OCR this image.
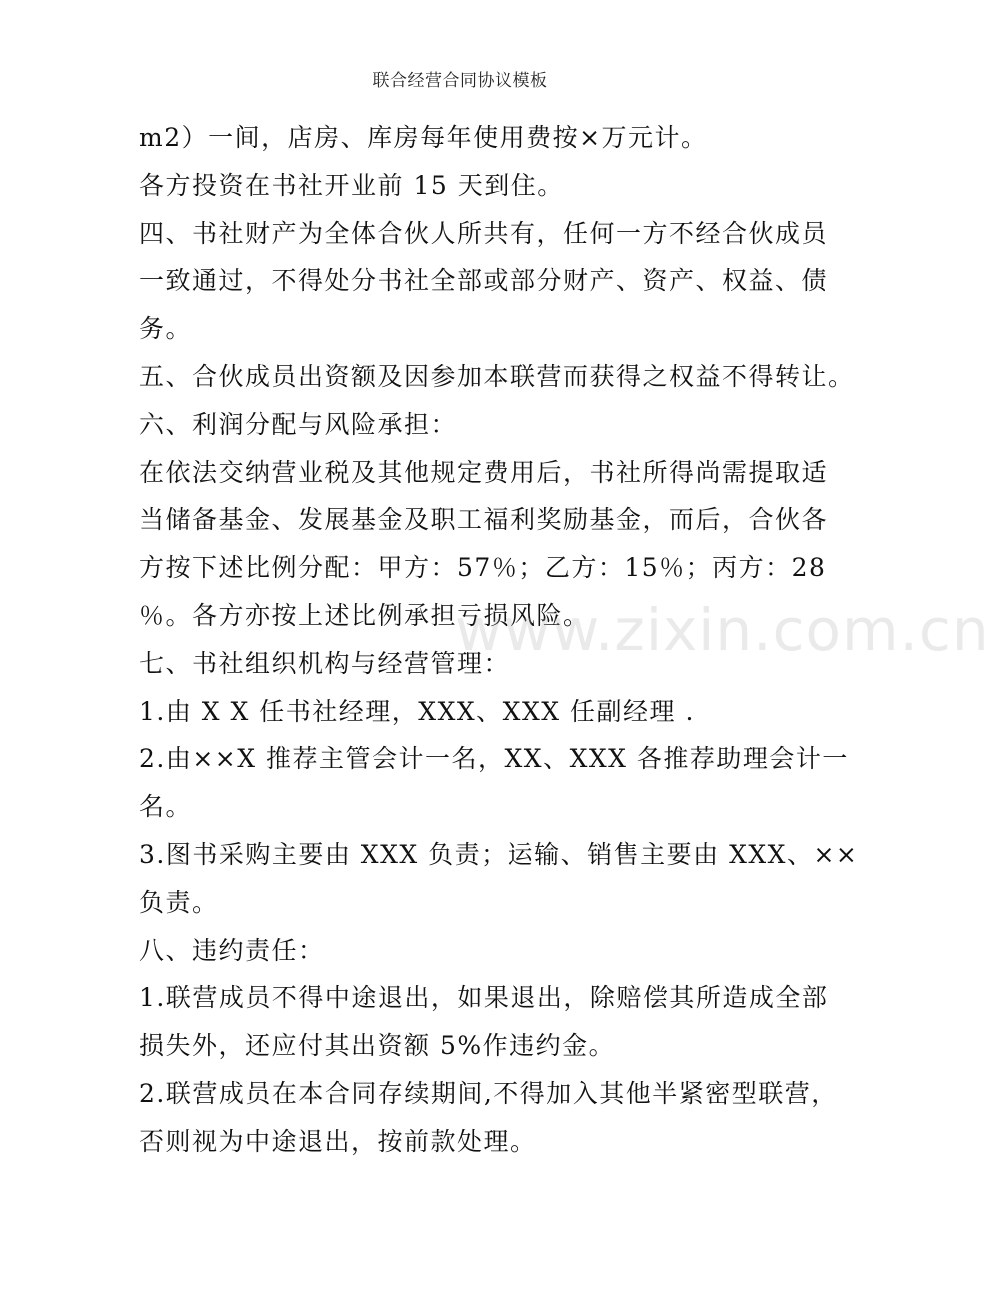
联合经营合同协议模板
m2）一间，店房、库房每年使用费按×万元计。
各方投资在书社开业前 15 天到住。
四、书社财产为全体合伙人所共有，任何一方不经合伙成员
一致通过，不得处分书社全部或部分财产、资产、权益、债
务。
五、合伙成员出资额及因参加本联营而获得之权益不得转让。
六、利润分配与风险承担：
在依法交纳营业税及其他规定费用后，书社所得尚需提取适
当储备基金、发展基金及职工福利奖励基金，而后，合伙各
方按下述比例分配：甲方：57％；乙方：15％；丙方：28
％。各方亦按上述比例承担亏损风险。
七、书社组织机构与经营管理：
1.由 X X 任书社经理，XXX、XXX 任副经理 .
2.由××X 推荐主管会计一名，XX、XXX 各推荐助理会计一
名。
3.图书采购主要由 XXX 负责；运输、销售主要由 XXX、××
负责。
八、违约责任：
1.联营成员不得中途退出，如果退出，除赔偿其所造成全部
损失外，还应付其出资额 5%作违约金。
2.联营成员在本合同存续期间,不得加入其他半紧密型联营，
否则视为中途退出，按前款处理。
www.zixin.com.cn
